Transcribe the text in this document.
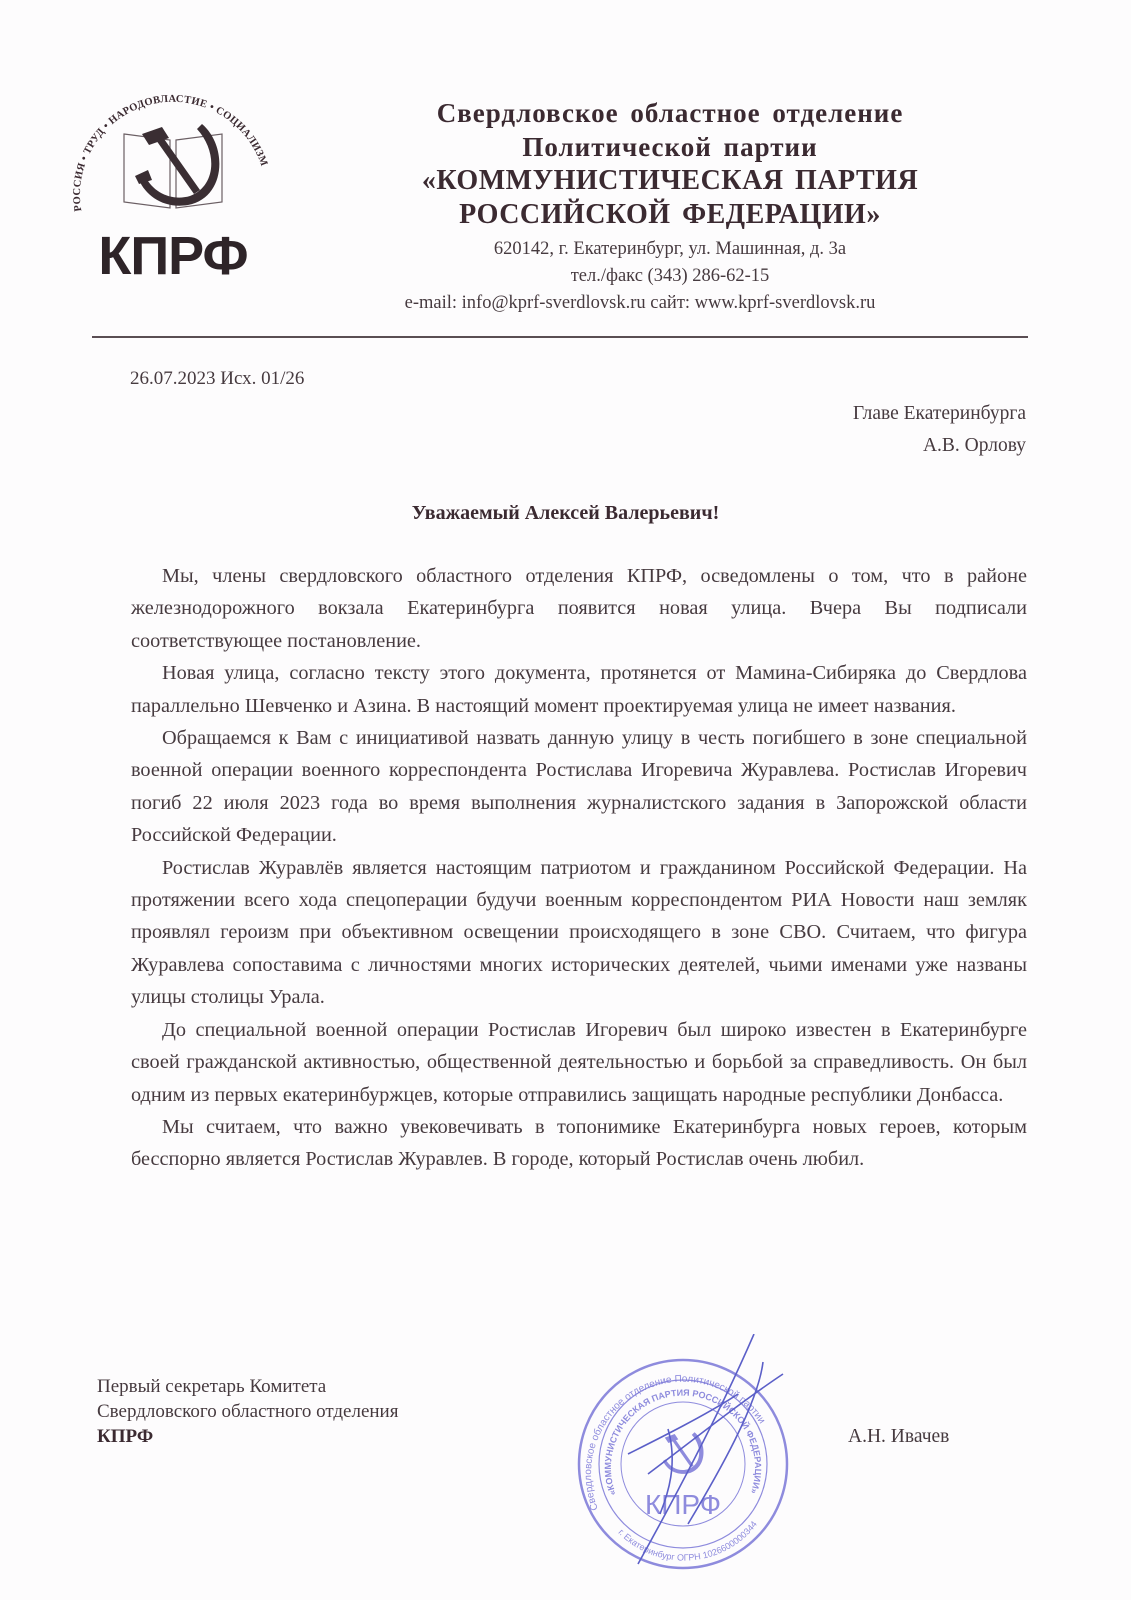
КПРФ
РОССИЯ • ТРУД • НАРОДОВЛАСТИЕ • СОЦИАЛИЗМ
Свердловское областное отделение
Политической партии
«КОММУНИСТИЧЕСКАЯ ПАРТИЯ
РОССИЙСКОЙ ФЕДЕРАЦИИ»
620142, г. Екатеринбург, ул. Машинная, д. 3а
тел./факс (343) 286-62-15
e-mail: info@kprf-sverdlovsk.ru сайт: www.kprf-sverdlovsk.ru
26.07.2023 Исх. 01/26
Главе Екатеринбурга
А.В. Орлову
Уважаемый Алексей Валерьевич!

Мы, члены свердловского областного отделения КПРФ, осведомлены о том, что в районе железнодорожного вокзала Екатеринбурга появится новая улица. Вчера Вы подписали соответствующее постановление.

Новая улица, согласно тексту этого документа, протянется от Мамина-Сибиряка до Свердлова параллельно Шевченко и Азина. В настоящий момент проектируемая улица не имеет названия.

Обращаемся к Вам с инициативой назвать данную улицу в честь погибшего в зоне специальной военной операции военного корреспондента Ростислава Игоревича Журавлева. Ростислав Игоревич погиб 22 июля 2023 года во время выполнения журналистского задания в Запорожской области Российской Федерации.

Ростислав Журавлёв является настоящим патриотом и гражданином Российской Федерации. На протяжении всего хода спецоперации будучи военным корреспондентом РИА Новости наш земляк проявлял героизм при объективном освещении происходящего в зоне СВО. Считаем, что фигура Журавлева сопоставима с личностями многих исторических деятелей, чьими именами уже названы улицы столицы Урала.

До специальной военной операции Ростислав Игоревич был широко известен в Екатеринбурге своей гражданской активностью, общественной деятельностью и борьбой за справедливость. Он был одним из первых екатеринбуржцев, которые отправились защищать народные республики Донбасса.

Мы считаем, что важно увековечивать в топонимике Екатеринбурга новых героев, которым бесспорно является Ростислав Журавлев. В городе, который Ростислав очень любил.

Первый секретарь Комитета
Свердловского областного отделения
КПРФ
Свердловское областное отделение Политической партии
«КОММУНИСТИЧЕСКАЯ ПАРТИЯ РОССИЙСКОЙ ФЕДЕРАЦИИ»
г. Екатеринбург ОГРН 1026600000344
КПРФ
А.Н. Ивачев
